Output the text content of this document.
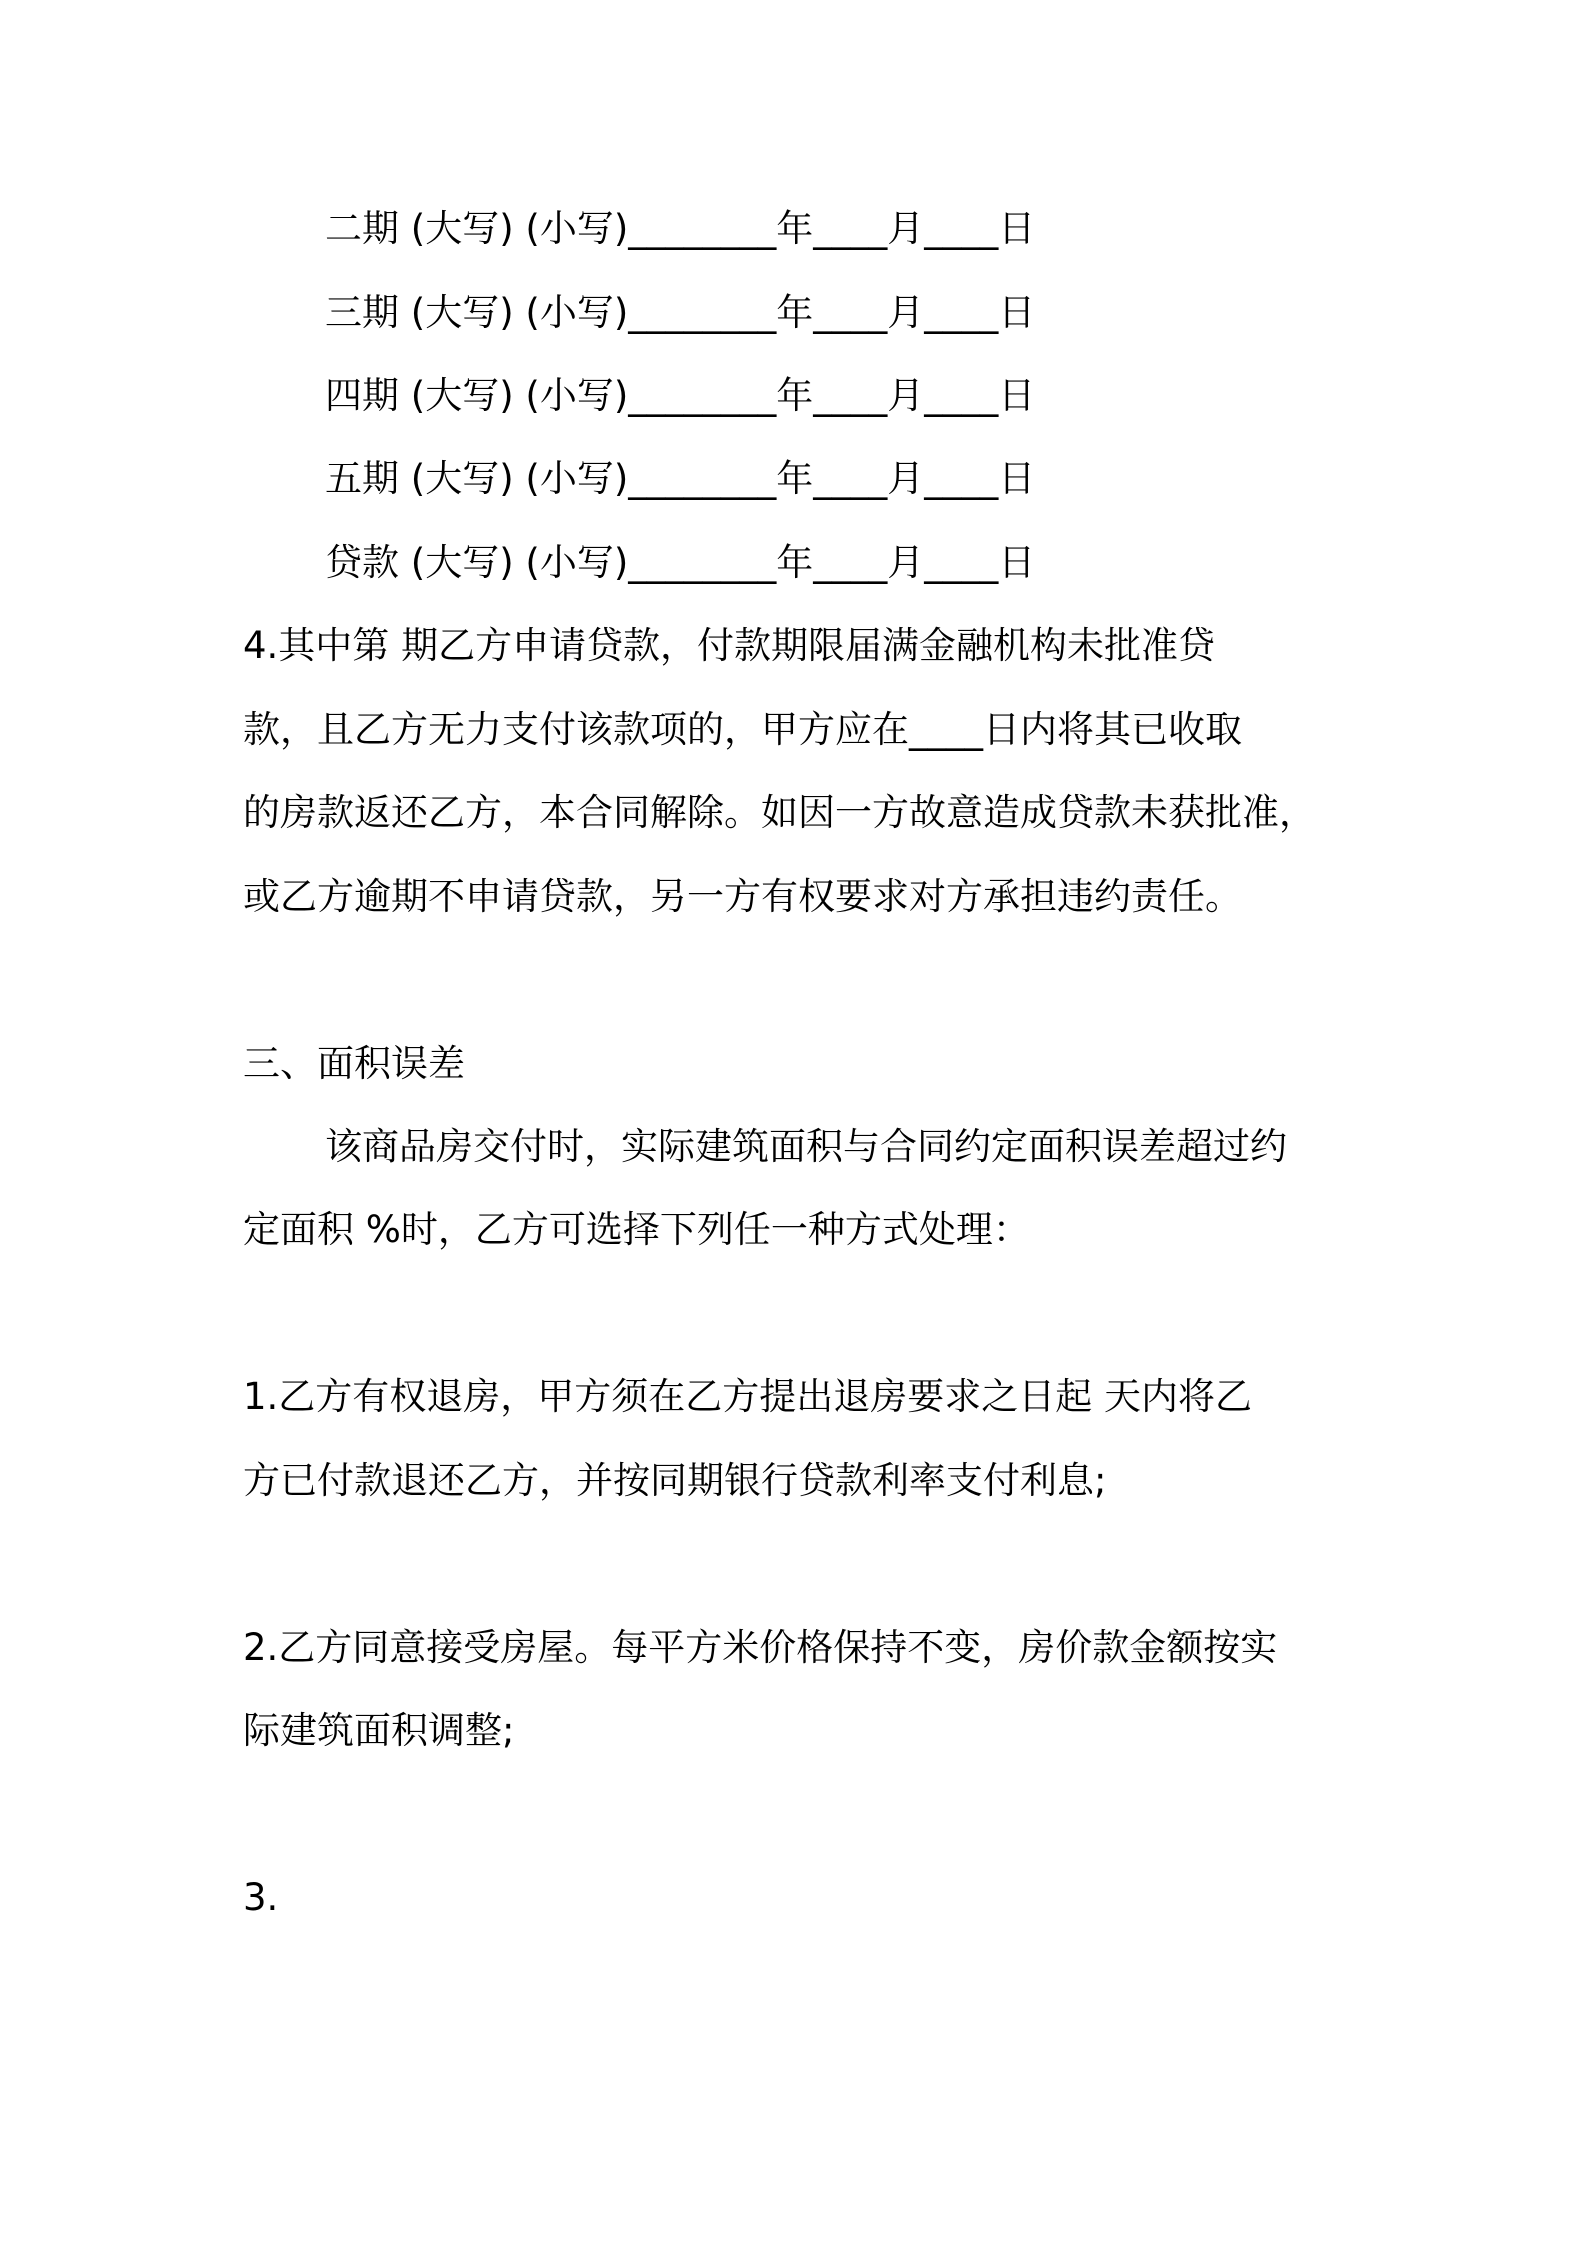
二期 (大写) (小写)________年____月____日
三期 (大写) (小写)________年____月____日
四期 (大写) (小写)________年____月____日
五期 (大写) (小写)________年____月____日
贷款 (大写) (小写)________年____月____日
4.其中第 期乙方申请贷款，付款期限届满金融机构未批准贷
款，且乙方无力支付该款项的，甲方应在____日内将其已收取
的房款返还乙方，本合同解除。如因一方故意造成贷款未获批准，
或乙方逾期不申请贷款，另一方有权要求对方承担违约责任。
三、面积误差
该商品房交付时，实际建筑面积与合同约定面积误差超过约
定面积 %时，乙方可选择下列任一种方式处理：
1.乙方有权退房，甲方须在乙方提出退房要求之日起 天内将乙
方已付款退还乙方，并按同期银行贷款利率支付利息;
2.乙方同意接受房屋。每平方米价格保持不变，房价款金额按实
际建筑面积调整;
3.
